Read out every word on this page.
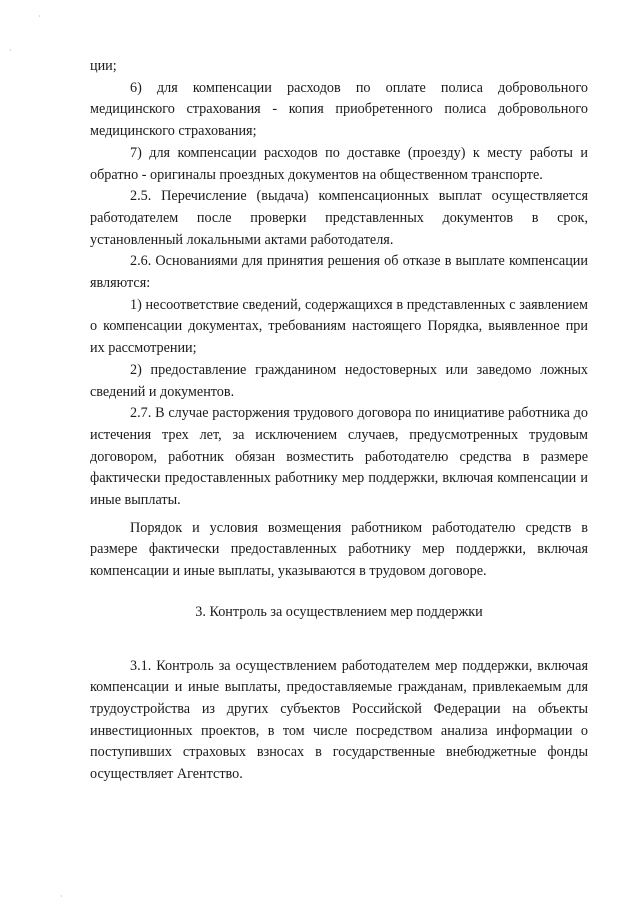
·
·
·

ции;

6) для компенсации расходов по оплате полиса добровольного медицинского страхования - копия приобретенного полиса добровольного медицинского страхования;

7) для компенсации расходов по доставке (проезду) к месту работы и обратно - оригиналы проездных документов на общественном транспорте.

2.5. Перечисление (выдача) компенсационных выплат осуществляется работодателем после проверки представленных документов в срок, установленный локальными актами работодателя.

2.6. Основаниями для принятия решения об отказе в выплате компенсации являются:

1) несоответствие сведений, содержащихся в представленных с заявлением о компенсации документах, требованиям настоящего Порядка, выявленное при их рассмотрении;

2) предоставление гражданином недостоверных или заведомо ложных сведений и документов.

2.7. В случае расторжения трудового договора по инициативе работника до истечения трех лет, за исключением случаев, предусмотренных трудовым договором, работник обязан возместить работодателю средства в размере фактически предоставленных работнику мер поддержки, включая компенсации и иные выплаты.

Порядок и условия возмещения работником работодателю средств в размере фактически предоставленных работнику мер поддержки, включая компенсации и иные выплаты, указываются в трудовом договоре.

3. Контроль за осуществлением мер поддержки

3.1. Контроль за осуществлением работодателем мер поддержки, включая компенсации и иные выплаты, предоставляемые гражданам, привлекаемым для трудоустройства из других субъектов Российской Федерации на объекты инвестиционных проектов, в том числе посредством анализа информации о поступивших страховых взносах в государственные внебюджетные фонды осуществляет Агентство.
